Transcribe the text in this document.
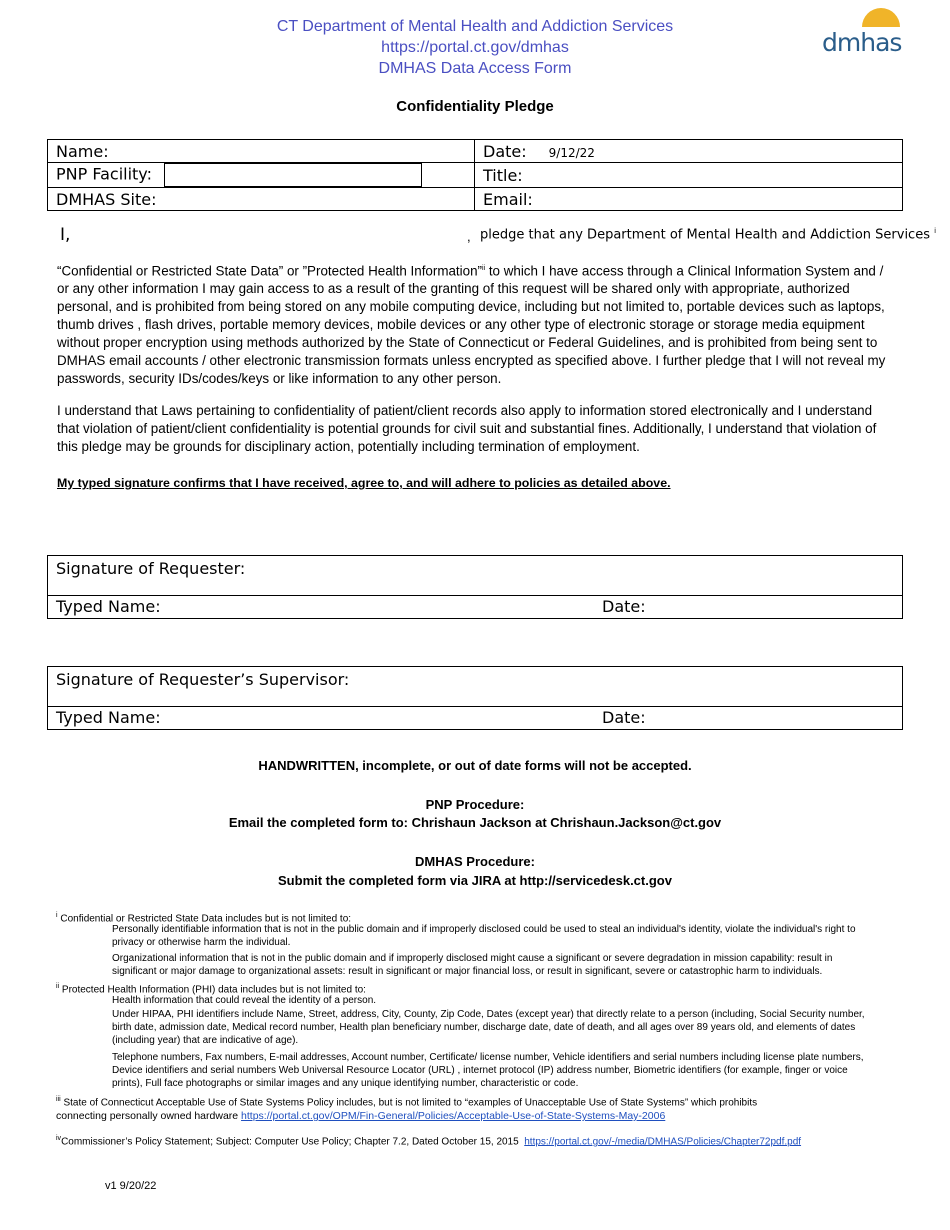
CT Department of Mental Health and Addiction Services
https://portal.ct.gov/dmhas
DMHAS Data Access Form
dmhas
Confidentiality Pledge
Name:	Date: 9/12/22
PNP Facility:	Title:
DMHAS Site:	Email:
I,	, pledge that any Department of Mental Health and Addiction Services $^i$
“Confidential or Restricted State Data” or ”Protected Health Information”$^{ii}$ to which I have access through a Clinical Information System and / or any other information I may gain access to as a result of the granting of this request will be shared only with appropriate, authorized personal, and is prohibited from being stored on any mobile computing device, including but not limited to, portable devices such as laptops, thumb drives , flash drives, portable memory devices, mobile devices or any other type of electronic storage or storage media equipment without proper encryption using methods authorized by the State of Connecticut or Federal Guidelines, and is prohibited from being sent to DMHAS email accounts / other electronic transmission formats unless encrypted as specified above. I further pledge that I will not reveal my passwords, security IDs/codes/keys or like information to any other person.
I understand that Laws pertaining to confidentiality of patient/client records also apply to information stored electronically and I understand that violation of patient/client confidentiality is potential grounds for civil suit and substantial fines. Additionally, I understand that violation of this pledge may be grounds for disciplinary action, potentially including termination of employment.
My typed signature confirms that I have received, agree to, and will adhere to policies as detailed above.
Signature of Requester:
Typed Name:	Date:
Signature of Requester’s Supervisor:
Typed Name:	Date:
HANDWRITTEN, incomplete, or out of date forms will not be accepted.
PNP Procedure:
Email the completed form to: Chrishaun Jackson at Chrishaun.Jackson@ct.gov
DMHAS Procedure:
Submit the completed form via JIRA at http://servicedesk.ct.gov
$^i$ Confidential or Restricted State Data includes but is not limited to:
Personally identifiable information that is not in the public domain and if improperly disclosed could be used to steal an individual's identity, violate the individual's right to privacy or otherwise harm the individual.
Organizational information that is not in the public domain and if improperly disclosed might cause a significant or severe degradation in mission capability: result in significant or major damage to organizational assets: result in significant or major financial loss, or result in significant, severe or catastrophic harm to individuals.
$^{ii}$ Protected Health Information (PHI) data includes but is not limited to:
Health information that could reveal the identity of a person.
Under HIPAA, PHI identifiers include Name, Street, address, City, County, Zip Code, Dates (except year) that directly relate to a person (including, Social Security number, birth date, admission date, Medical record number, Health plan beneficiary number, discharge date, date of death, and all ages over 89 years old, and elements of dates (including year) that are indicative of age).
Telephone numbers, Fax numbers, E-mail addresses, Account number, Certificate/ license number, Vehicle identifiers and serial numbers including license plate numbers, Device identifiers and serial numbers Web Universal Resource Locator (URL) , internet protocol (IP) address number, Biometric identifiers (for example, finger or voice prints), Full face photographs or similar images and any unique identifying number, characteristic or code.
$^{iii}$ State of Connecticut Acceptable Use of State Systems Policy includes, but is not limited to “examples of Unacceptable Use of State Systems” which prohibits
connecting personally owned hardware https://portal.ct.gov/OPM/Fin-General/Policies/Acceptable-Use-of-State-Systems-May-2006
$^{iv}$Commissioner’s Policy Statement; Subject: Computer Use Policy; Chapter 7.2, Dated October 15, 2015 https://portal.ct.gov/-/media/DMHAS/Policies/Chapter72pdf.pdf
v1 9/20/22
